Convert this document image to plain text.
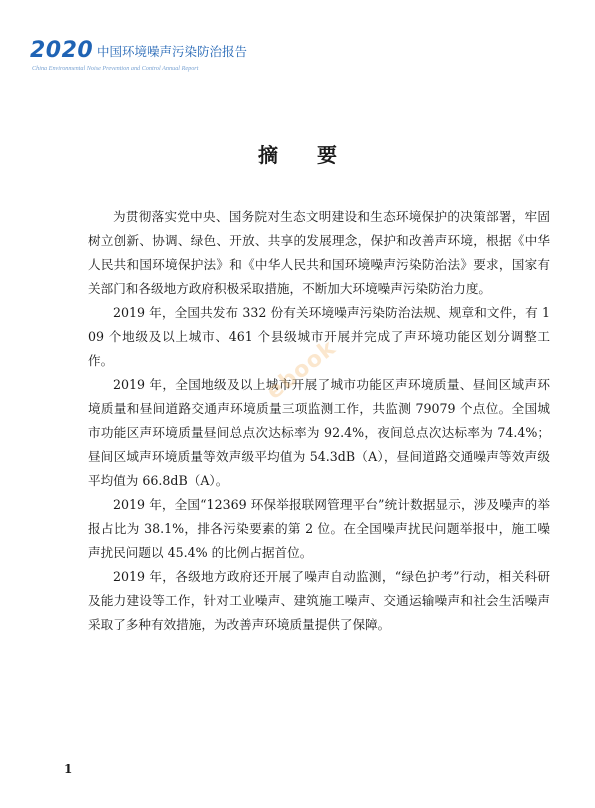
2020 中国环境噪声污染防治报告
China Environmental Noise Prevention and Control Annual Report
摘 要

为贯彻落实党中央、国务院对生态文明建设和生态环境保护的决策部署，牢固树立创新、协调、绿色、开放、共享的发展理念，保护和改善声环境，根据《中华人民共和国环境保护法》和《中华人民共和国环境噪声污染防治法》要求，国家有关部门和各级地方政府积极采取措施，不断加大环境噪声污染防治力度。

2019 年，全国共发布 332 份有关环境噪声污染防治法规、规章和文件，有 109 个地级及以上城市、461 个县级城市开展并完成了声环境功能区划分调整工作。

2019 年，全国地级及以上城市开展了城市功能区声环境质量、昼间区域声环境质量和昼间道路交通声环境质量三项监测工作，共监测 79079 个点位。全国城市功能区声环境质量昼间总点次达标率为 92.4%，夜间总点次达标率为 74.4%；昼间区域声环境质量等效声级平均值为 54.3dB（A），昼间道路交通噪声等效声级平均值为 66.8dB（A）。

2019 年，全国“12369 环保举报联网管理平台”统计数据显示，涉及噪声的举报占比为 38.1%，排各污染要素的第 2 位。在全国噪声扰民问题举报中，施工噪声扰民问题以 45.4% 的比例占据首位。

2019 年，各级地方政府还开展了噪声自动监测，“绿色护考”行动，相关科研及能力建设等工作，针对工业噪声、建筑施工噪声、交通运输噪声和社会生活噪声采取了多种有效措施，为改善声环境质量提供了保障。

ebook
1
